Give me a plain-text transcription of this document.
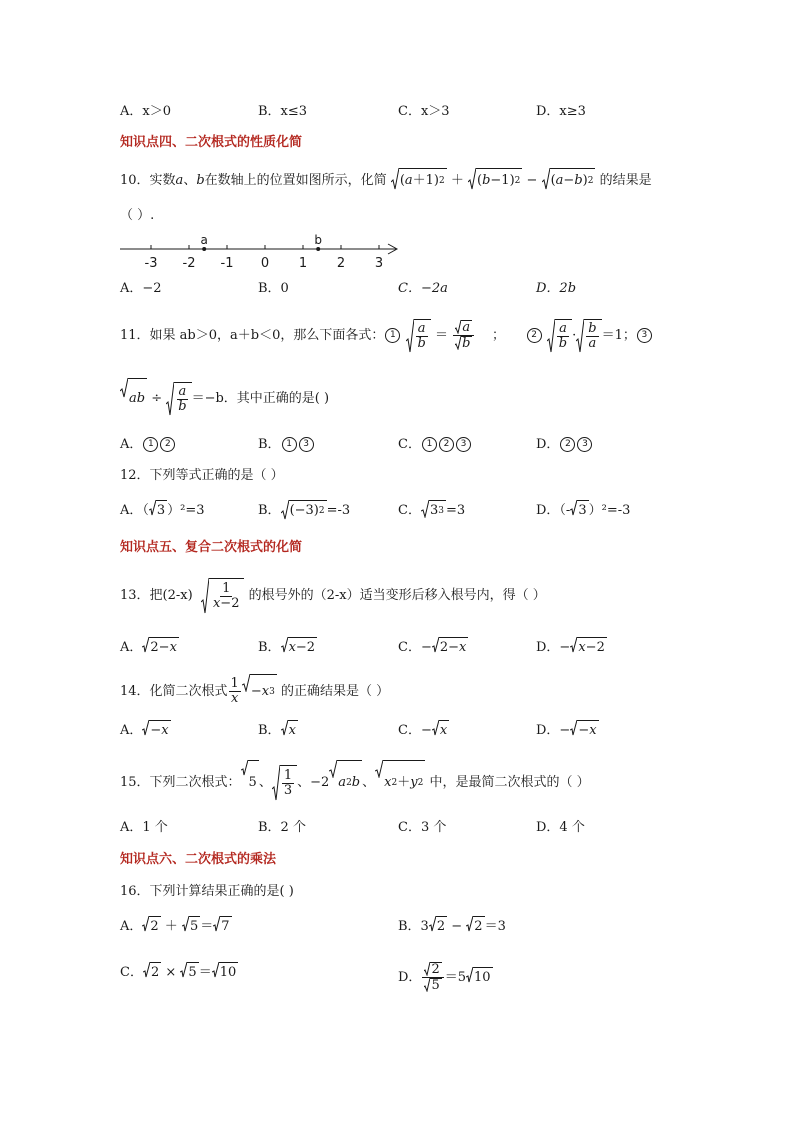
A．x＞0	B．x≤3	C．x＞3	D．x≥3
知识点四、二次根式的性质化简
10．实数a、b在数轴上的位置如图所示，化简 ( a ＋1) 2 ＋ ( b −1) 2 − ( a − b ) 2 的结果是
（ ）.
-3 -2 -1 0 1 2 3
a	b
A．−2	B．0	C．−2a	D．2b
11．如果 ab＞0，a＋b＜0，那么下面各式： $1 \frac{a}{b} = \frac{a}{b}$ ；	$2 \frac{a}{b} \cdot \frac{b}{a} =1$； 3
ab ÷ $\frac{a}{b} =-b$．其中正确的是( )
A． 1 2	B． 1 3	C． 1 2 3	D． 2 3
12．下列等式正确的是（ ）
A．（ 3 ）²=3	B． (−3) 2 =-3	C． 3 3 =3	D．（- 3 ）²=-3
知识点五、复合二次根式的化简
13．把$(2-x) \frac{1}{x-2}$ 的根号外的（2-x）适当变形后移入根号内，得（ ）
A． 2− x	B． x −2	C．− 2− x	D．− x −2
14．化简二次根式 $\frac{1}{x} - x$ 3 的正确结果是（ ）
A． − x	B． x	C．− x	D．− − x
15．下列二次根式： 5 、 $\frac{1}{3}$ 、−2 a 2 b 、 x 2 ＋ y 2 中，是最简二次根式的（ ）
A．1 个	B．2 个	C．3 个	D．4 个
知识点六、二次根式的乘法
16．下列计算结果正确的是( )
A． 2 ＋ 5 ＝ 7	B．3 2 − 2 ＝3
C． 2 × 5 ＝ 10	D． $\frac{2}{5} =5$ 10
